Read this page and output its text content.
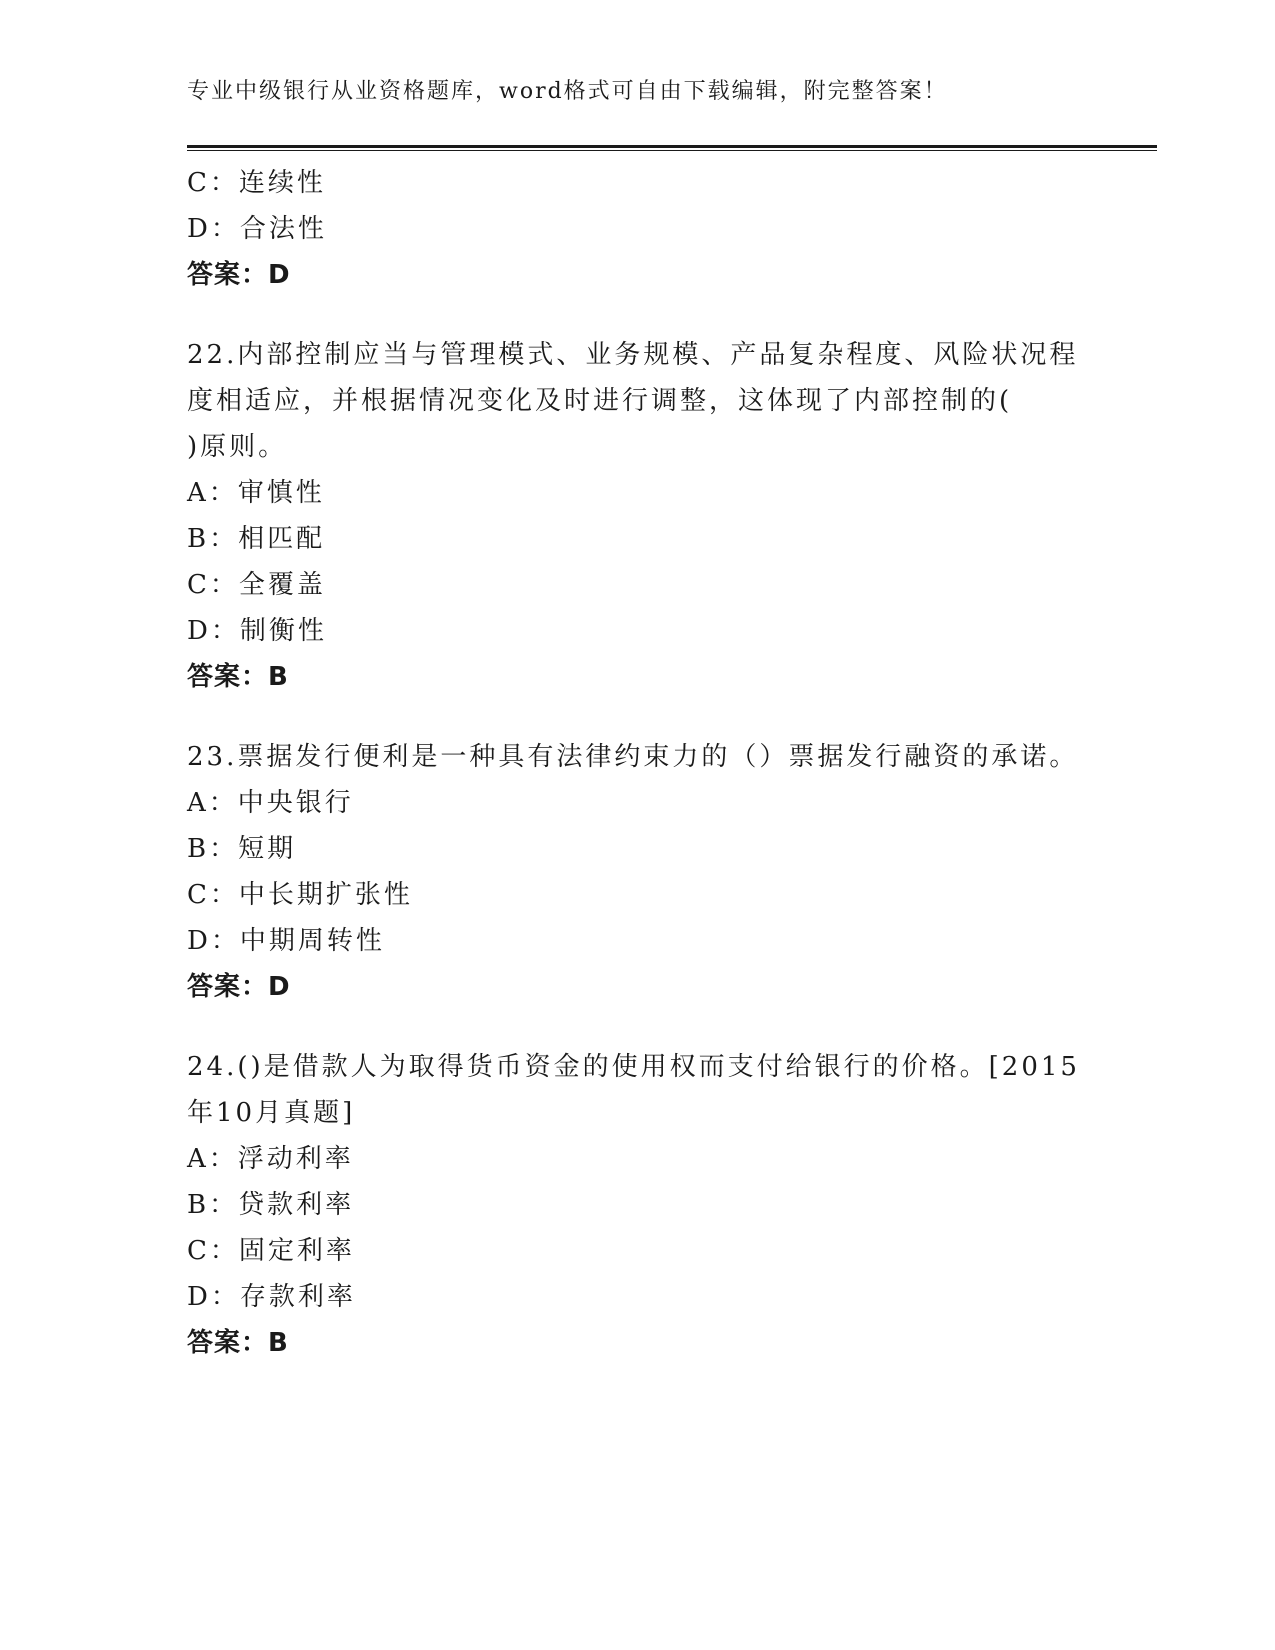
专业中级银行从业资格题库，word格式可自由下载编辑，附完整答案！
C：连续性
D：合法性
答案：D
22.内部控制应当与管理模式、业务规模、产品复杂程度、风险状况程
度相适应，并根据情况变化及时进行调整，这体现了内部控制的(
)原则。
A：审慎性
B：相匹配
C：全覆盖
D：制衡性
答案：B
23.票据发行便利是一种具有法律约束力的（）票据发行融资的承诺。
A：中央银行
B：短期
C：中长期扩张性
D：中期周转性
答案：D
24.()是借款人为取得货币资金的使用权而支付给银行的价格。[2015
年10月真题]
A：浮动利率
B：贷款利率
C：固定利率
D：存款利率
答案：B
